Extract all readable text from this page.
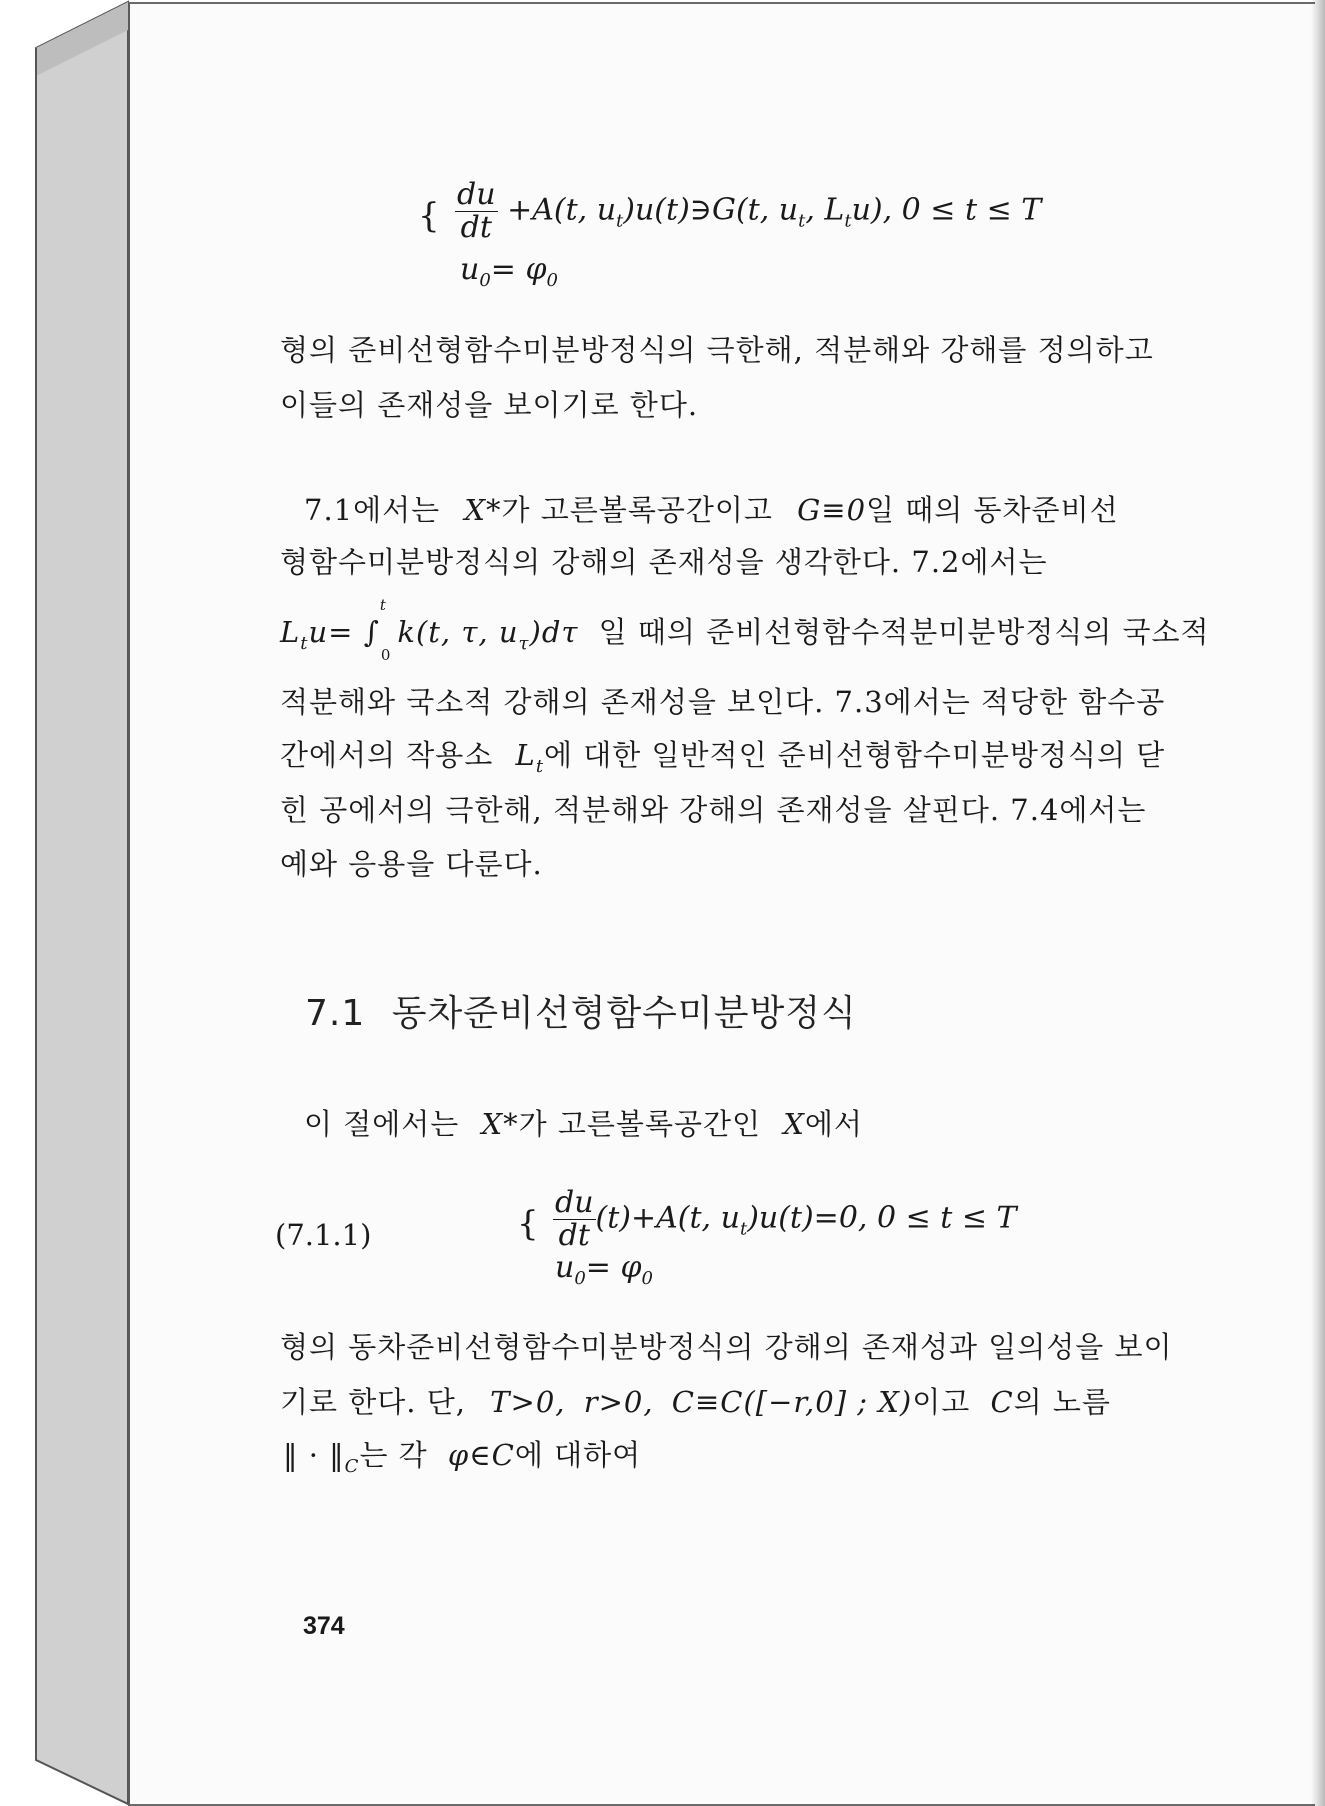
{ $\frac{du}{dt} +A(t$, $u_t)u(t)∋G(t$, $u_t$, $L_tu$), 0 ≤ t ≤ T
$u_0= \varphi_0$
형의 준비선형함수미분방정식의 극한해, 적분해와 강해를 정의하고
이들의 존재성을 보이기로 한다.
7.1에서는 X*가 고른볼록공간이고 G≡0일 때의 동차준비선
형함수미분방정식의 강해의 존재성을 생각한다. 7.2에서는
$L_tu= \int t0k(t$, τ, $u_\tau)d\tau$ 일 때의 준비선형함수적분미분방정식의 국소적
적분해와 국소적 강해의 존재성을 보인다. 7.3에서는 적당한 함수공
간에서의 작용소 $L_t$에 대한 일반적인 준비선형함수미분방정식의 닫
힌 공에서의 극한해, 적분해와 강해의 존재성을 살핀다. 7.4에서는
예와 응용을 다룬다.
7.1 동차준비선형함수미분방정식
이 절에서는 X*가 고른볼록공간인 X에서
(7.1.1)	{ $\frac{du}{dt} (t)+A(t$, $u_t)u(t)=0$, 0 ≤ t ≤ T
$u_0= \varphi_0$
형의 동차준비선형함수미분방정식의 강해의 존재성과 일의성을 보이
기로 한다. 단, T>0, r>0, C≡C([−r,0] ; X)이고 C의 노름
‖ · $‖_C$는 각 φ∈C에 대하여
374
